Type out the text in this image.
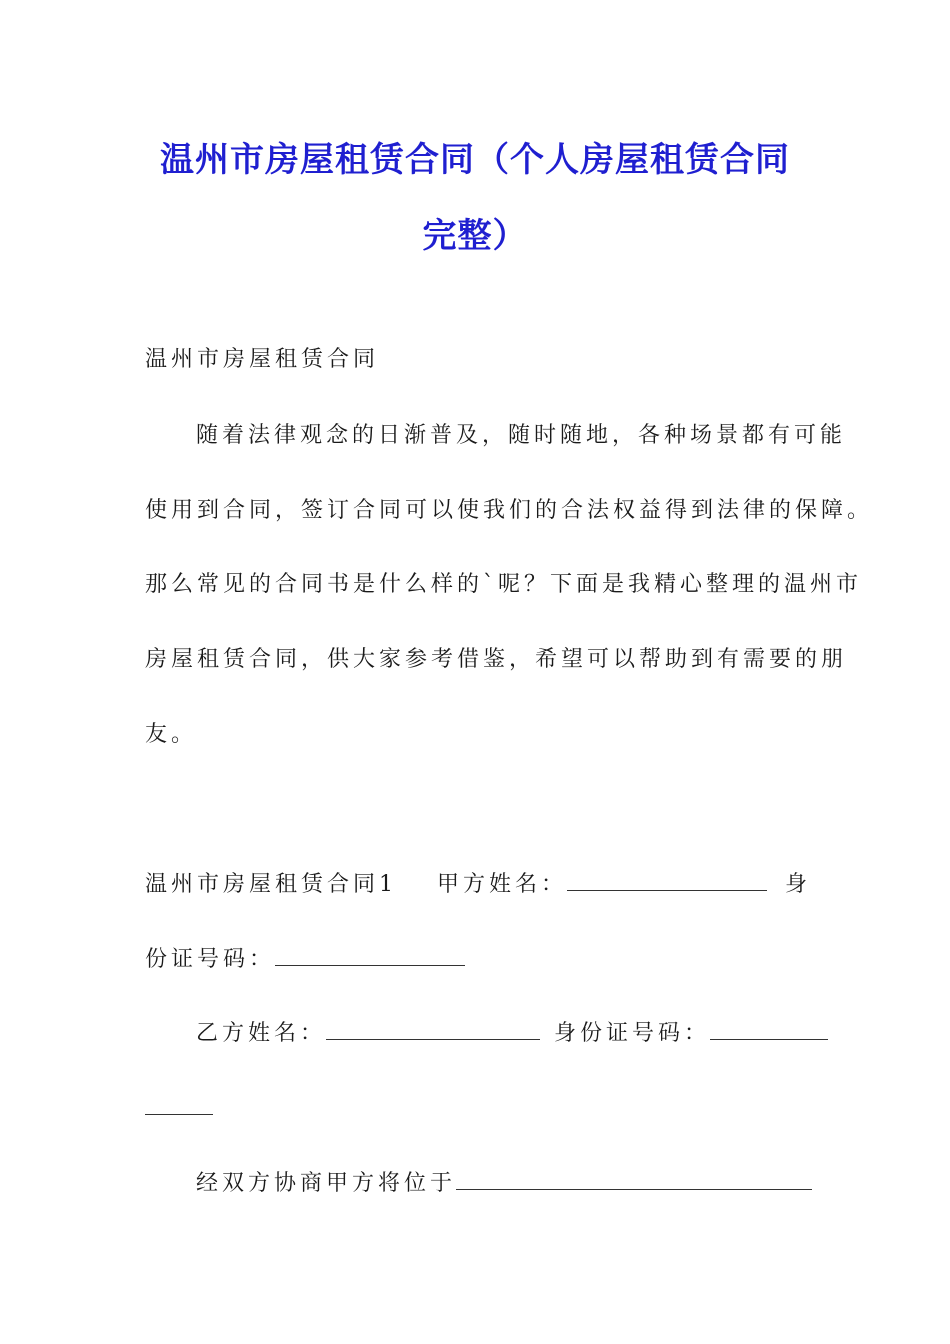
温州市房屋租赁合同（个人房屋租赁合同
完整）
温州市房屋租赁合同
随着法律观念的日渐普及，随时随地，各种场景都有可能
使用到合同，签订合同可以使我们的合法权益得到法律的保障。
那么常见的合同书是什么样的`呢？下面是我精心整理的温州市
房屋租赁合同，供大家参考借鉴，希望可以帮助到有需要的朋
友。
温州市房屋租赁合同1 甲方姓名：	身
份证号码：
乙方姓名：	身份证号码：
经双方协商甲方将位于
